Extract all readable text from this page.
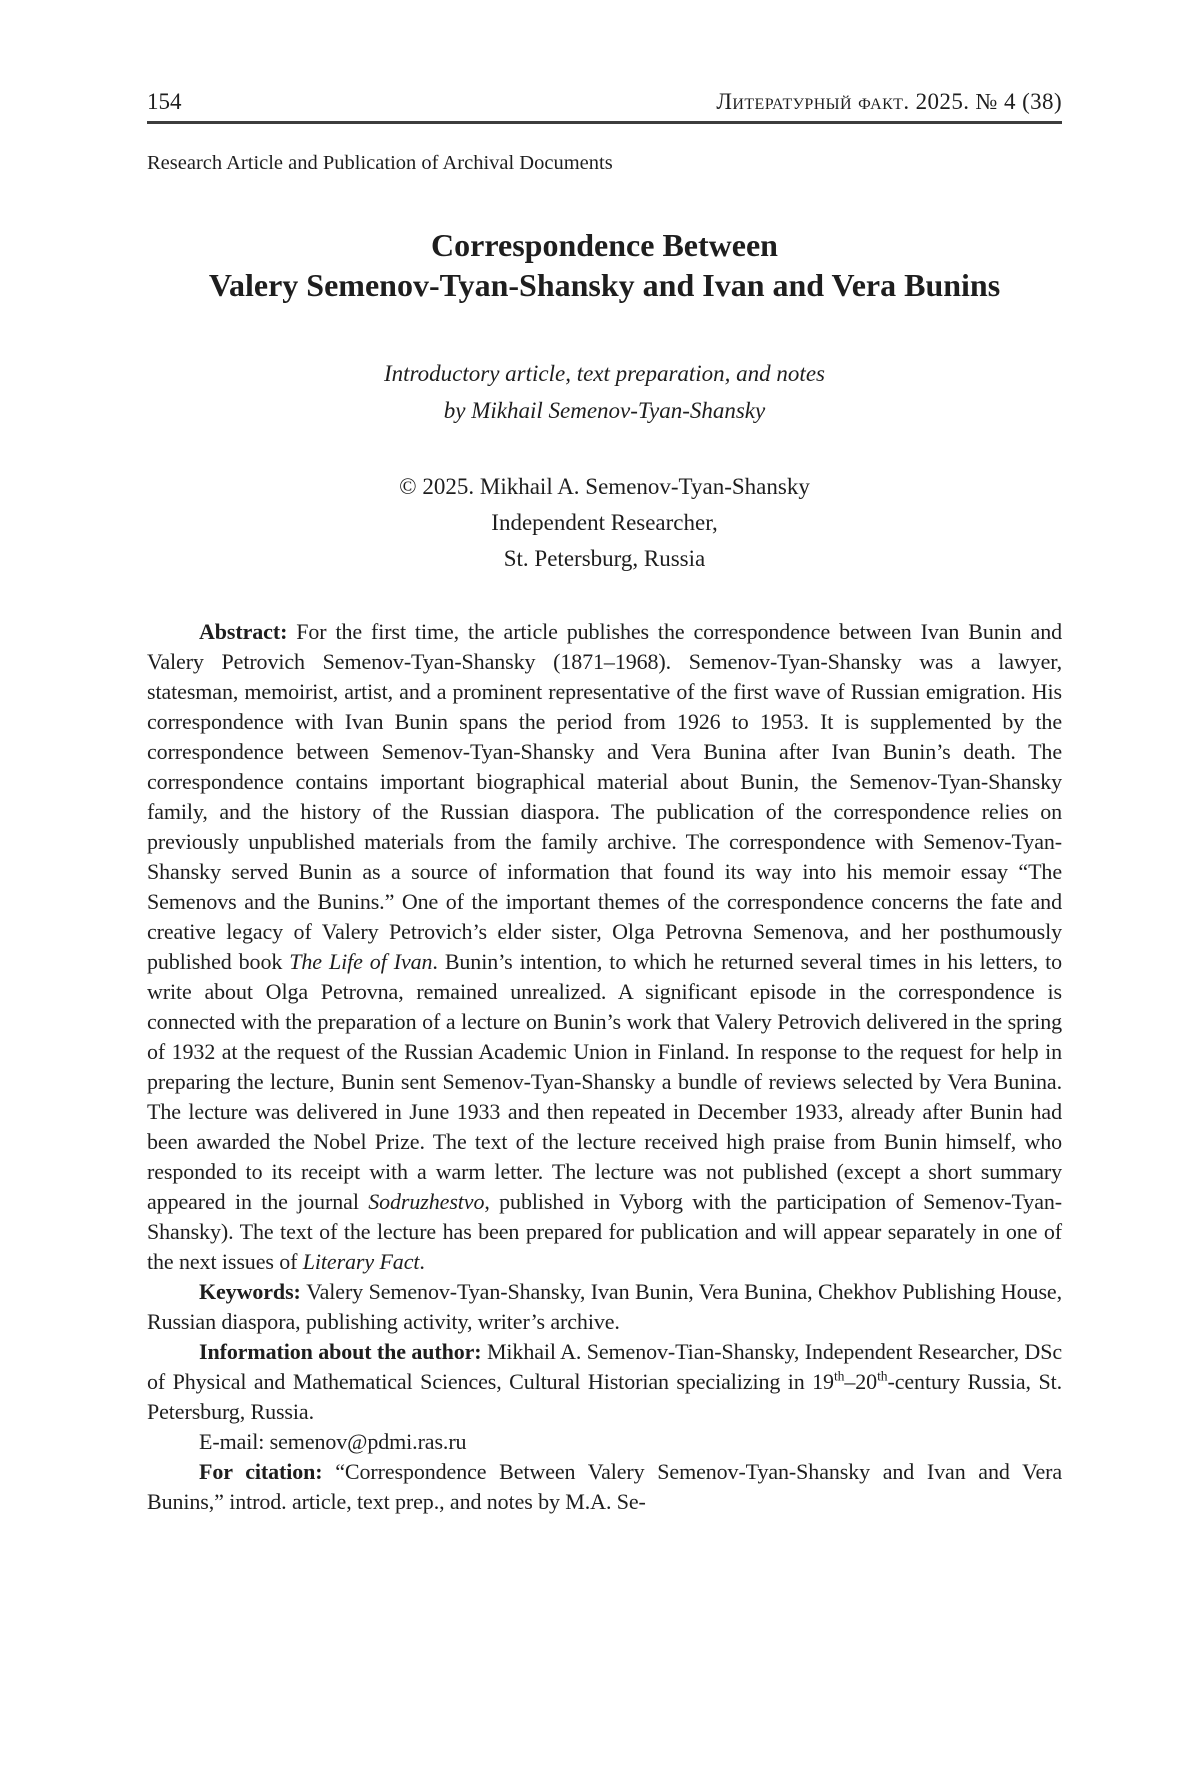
154	Литературный факт. 2025. № 4 (38)
Research Article and Publication of Archival Documents
Correspondence Between
Valery Semenov-Tyan-Shansky and Ivan and Vera Bunins
Introductory article, text preparation, and notes
by Mikhail Semenov-Tyan-Shansky
© 2025. Mikhail A. Semenov-Tyan-Shansky
Independent Researcher,
St. Petersburg, Russia

Abstract: For the first time, the article publishes the correspondence between Ivan Bunin and Valery Petrovich Semenov-Tyan-Shansky (1871–1968). Semenov-Tyan-Shansky was a lawyer, statesman, memoirist, artist, and a prominent representative of the first wave of Russian emigration. His correspondence with Ivan Bunin spans the period from 1926 to 1953. It is supplemented by the correspondence between Semenov-Tyan-Shansky and Vera Bunina after Ivan Bunin’s death. The correspondence contains important biographical material about Bunin, the Semenov-Tyan-Shansky family, and the history of the Russian diaspora. The publication of the correspondence relies on previously unpublished materials from the family archive. The correspondence with Semenov-Tyan-Shansky served Bunin as a source of information that found its way into his memoir essay “The Semenovs and the Bunins.” One of the important themes of the correspondence concerns the fate and creative legacy of Valery Petrovich’s elder sister, Olga Petrovna Semenova, and her posthumously published book The Life of Ivan. Bunin’s intention, to which he returned several times in his letters, to write about Olga Petrovna, remained unrealized. A significant episode in the correspondence is connected with the preparation of a lecture on Bunin’s work that Valery Petrovich delivered in the spring of 1932 at the request of the Russian Academic Union in Finland. In response to the request for help in preparing the lecture, Bunin sent Semenov-Tyan-Shansky a bundle of reviews selected by Vera Bunina. The lecture was delivered in June 1933 and then repeated in December 1933, already after Bunin had been awarded the Nobel Prize. The text of the lecture received high praise from Bunin himself, who responded to its receipt with a warm letter. The lecture was not published (except a short summary appeared in the journal Sodruzhestvo, published in Vyborg with the participation of Semenov-Tyan-Shansky). The text of the lecture has been prepared for publication and will appear separately in one of the next issues of Literary Fact.

Keywords: Valery Semenov-Tyan-Shansky, Ivan Bunin, Vera Bunina, Chekhov Publishing House, Russian diaspora, publishing activity, writer’s archive.

Information about the author: Mikhail A. Semenov-Tian-Shansky, Independent Researcher, DSc of Physical and Mathematical Sciences, Cultural Historian specializing in 19th–20th-century Russia, St. Petersburg, Russia.

E-mail: semenov@pdmi.ras.ru

For citation: “Correspondence Between Valery Semenov-Tyan-Shansky and Ivan and Vera Bunins,” introd. article, text prep., and notes by M.A. Se-
